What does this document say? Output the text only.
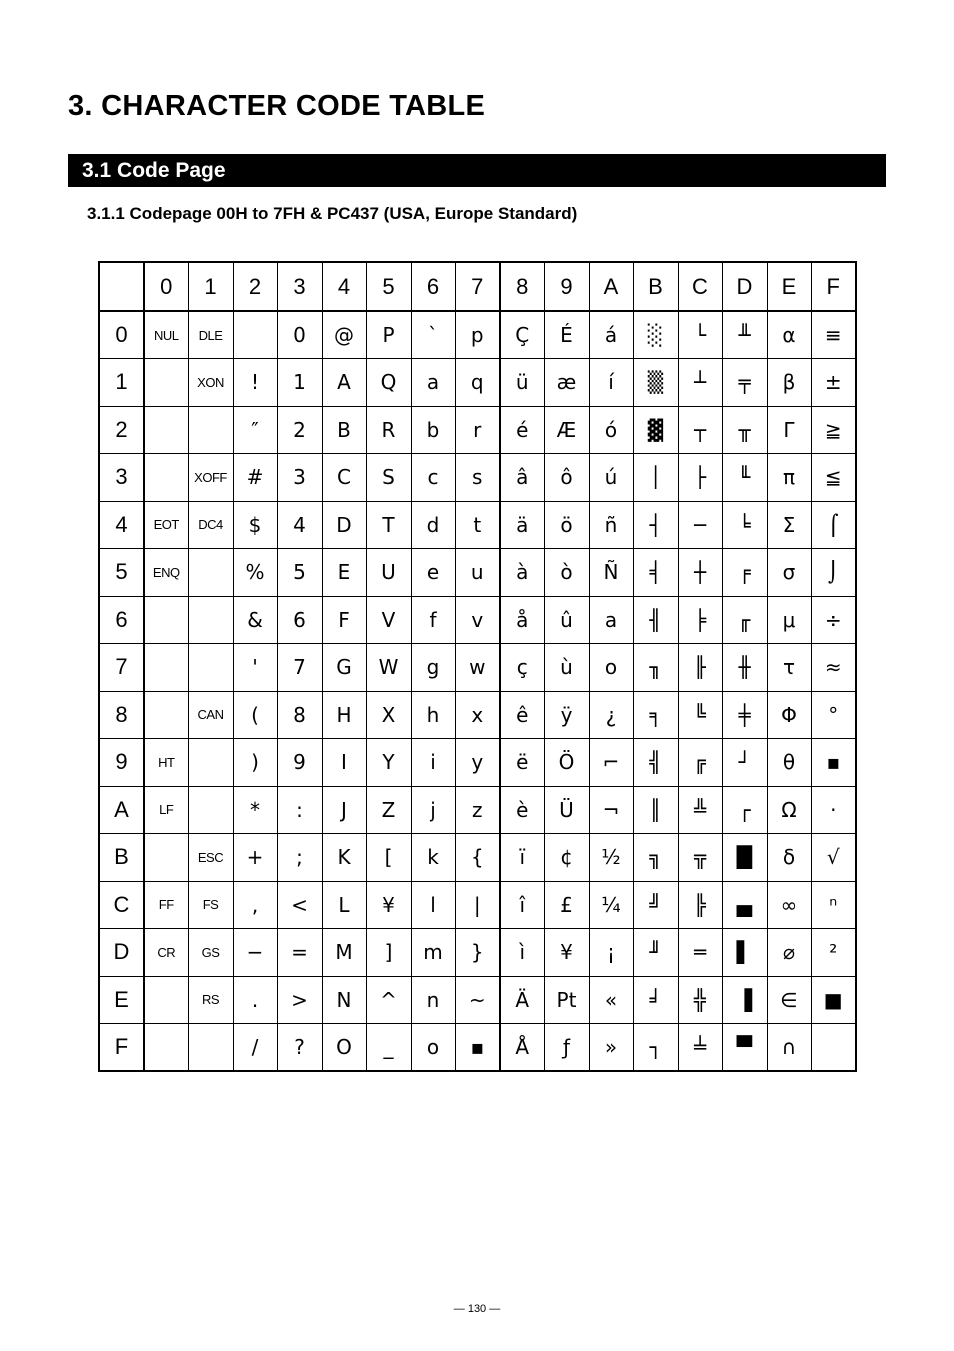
3. CHARACTER CODE TABLE
3.1 Code Page
3.1.1 Codepage 00H to 7FH & PC437 (USA, Europe Standard)
	0	1	2	3	4	5	6	7	8	9	A	B	C	D	E	F
0	NUL	DLE		0	@	P	`	p	Ç	É	á	░	└	╨	α	≡
1		XON	!	1	A	Q	a	q	ü	æ	í	▒	┴	╤	β	±
2			″	2	B	R	b	r	é	Æ	ó	▓	┬	╥	Γ	≧
3		XOFF	#	3	C	S	c	s	â	ô	ú	│	├	╙	π	≦
4	EOT	DC4	$	4	D	T	d	t	ä	ö	ñ	┤	─	╘	Σ	⌠
5	ENQ		%	5	E	U	e	u	à	ò	Ñ	╡	┼	╒	σ	⌡
6			&	6	F	V	f	v	å	û	a	╢	╞	╓	μ	÷
7			'	7	G	W	g	w	ç	ù	o	╖	╟	╫	τ	≈
8		CAN	(	8	H	X	h	x	ê	ÿ	¿	╕	╚	╪	Φ	°
9	HT		)	9	I	Y	i	y	ë	Ö	⌐	╣	╔	┘	θ	▪
A	LF		*	:	J	Z	j	z	è	Ü	¬	║	╩	┌	Ω	·
B		ESC	+	;	K	[	k	{	ï	¢	½	╗	╦	█	δ	√
C	FF	FS	,	<	L	¥	l	|	î	£	¼	╝	╠	▄	∞	ⁿ
D	CR	GS	−	=	M	]	m	}	ì	¥	¡	╜	═	▌	⌀	²
E		RS	.	>	N	^	n	~	Ä	Pt	«	╛	╬	▐	∈	■
F			/	?	O	_	o	▪	Å	ƒ	»	┐	╧	▀	∩	
— 130 —
